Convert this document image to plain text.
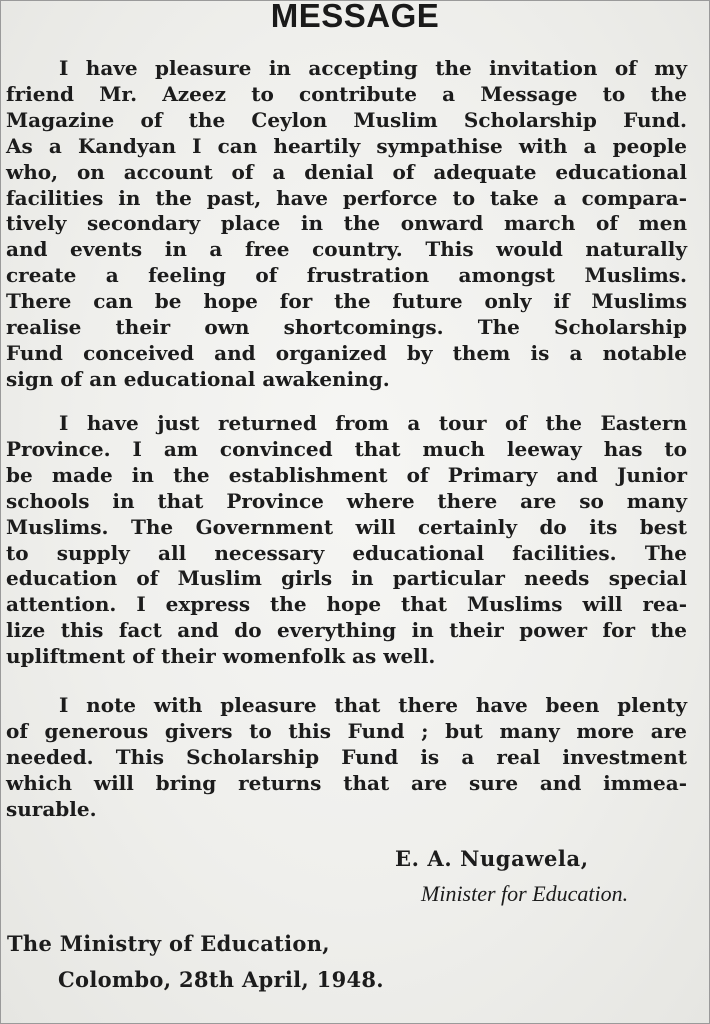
MESSAGE
I have pleasure in accepting the invitation of my
friend Mr. Azeez to contribute a Message to the
Magazine of the Ceylon Muslim Scholarship Fund.
As a Kandyan I can heartily sympathise with a people
who, on account of a denial of adequate educational
facilities in the past, have perforce to take a compara-
tively secondary place in the onward march of men
and events in a free country. This would naturally
create a feeling of frustration amongst Muslims.
There can be hope for the future only if Muslims
realise their own shortcomings. The Scholarship
Fund conceived and organized by them is a notable
sign of an educational awakening.
I have just returned from a tour of the Eastern
Province. I am convinced that much leeway has to
be made in the establishment of Primary and Junior
schools in that Province where there are so many
Muslims. The Government will certainly do its best
to supply all necessary educational facilities. The
education of Muslim girls in particular needs special
attention. I express the hope that Muslims will rea-
lize this fact and do everything in their power for the
upliftment of their womenfolk as well.
I note with pleasure that there have been plenty
of generous givers to this Fund ; but many more are
needed. This Scholarship Fund is a real investment
which will bring returns that are sure and immea-
surable.
E. A. Nugawela,
Minister for Education.
The Ministry of Education,
Colombo, 28th April, 1948.
